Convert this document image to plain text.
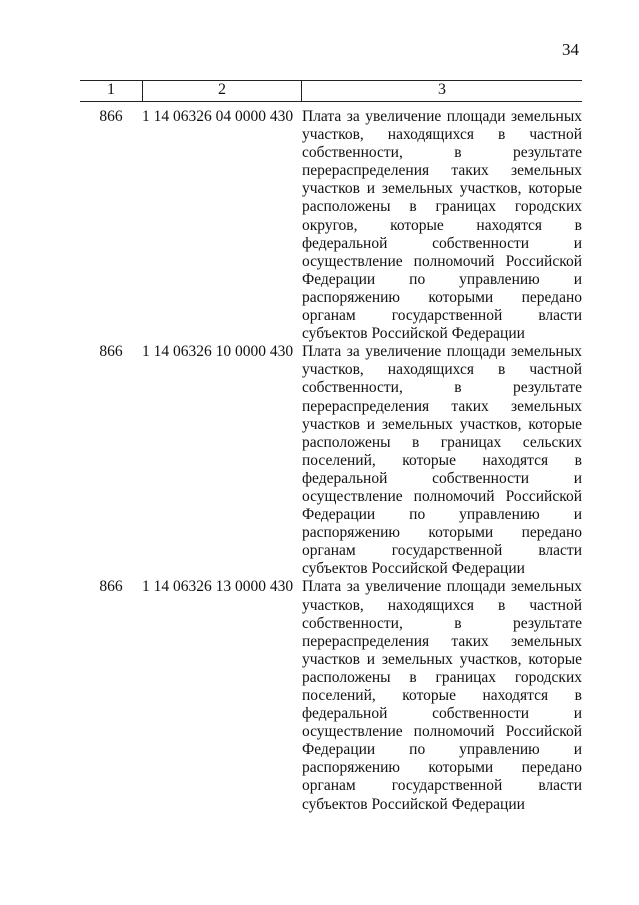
34
1	2	3
866	1 14 06326 04 0000 430 Плата за увеличение площади земельных
участков, находящихся в частной
собственности, в результате
перераспределения таких земельных
участков и земельных участков, которые
расположены в границах городских
округов, которые находятся в
федеральной собственности и
осуществление полномочий Российской
Федерации по управлению и
распоряжению которыми передано
органам государственной власти
субъектов Российской Федерации
866	1 14 06326 10 0000 430 Плата за увеличение площади земельных
участков, находящихся в частной
собственности, в результате
перераспределения таких земельных
участков и земельных участков, которые
расположены в границах сельских
поселений, которые находятся в
федеральной собственности и
осуществление полномочий Российской
Федерации по управлению и
распоряжению которыми передано
органам государственной власти
субъектов Российской Федерации
866	1 14 06326 13 0000 430 Плата за увеличение площади земельных
участков, находящихся в частной
собственности, в результате
перераспределения таких земельных
участков и земельных участков, которые
расположены в границах городских
поселений, которые находятся в
федеральной собственности и
осуществление полномочий Российской
Федерации по управлению и
распоряжению которыми передано
органам государственной власти
субъектов Российской Федерации
